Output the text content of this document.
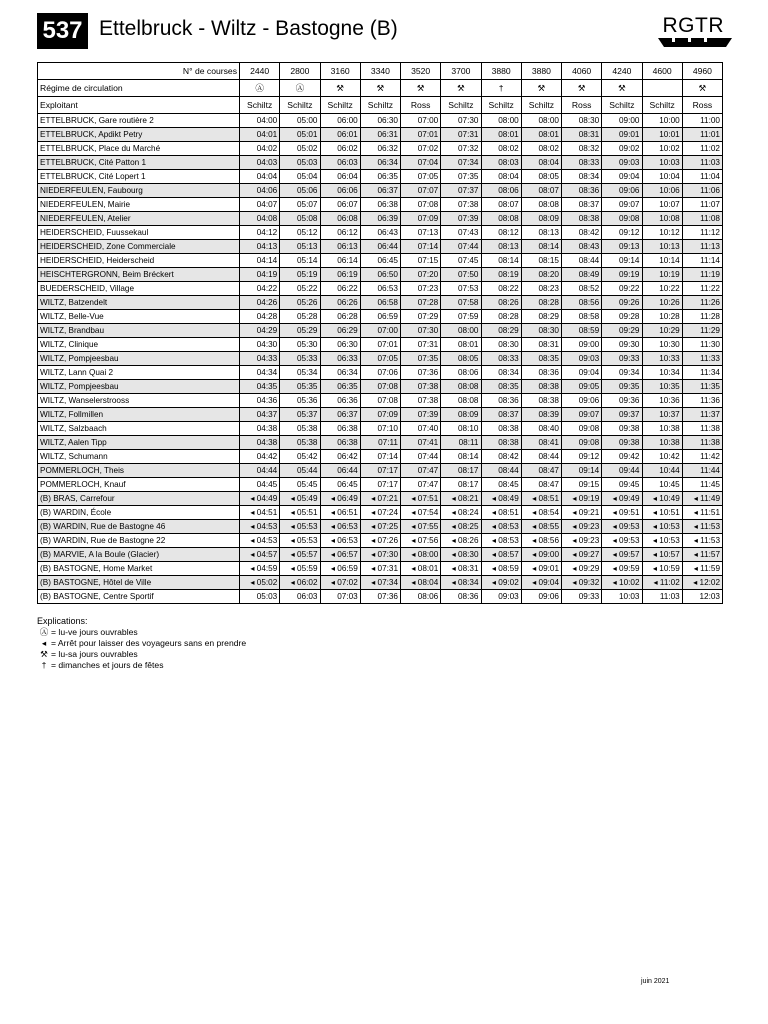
537 Ettelbruck - Wiltz - Bastogne (B)	RGTR
N° de courses	2440	2800	3160	3340	3520	3700	3880	3880	4060	4240	4600	4960
Régime de circulation	Ⓐ	Ⓐ	⚒	⚒	⚒	⚒	†	⚒	⚒	⚒		⚒
Exploitant	Schiltz	Schiltz	Schiltz	Schiltz	Ross	Schiltz	Schiltz	Schiltz	Ross	Schiltz	Schiltz	Ross
ETTELBRUCK, Gare routière 2	04:00	05:00	06:00	06:30	07:00	07:30	08:00	08:00	08:30	09:00	10:00	11:00
ETTELBRUCK, Apdikt Petry	04:01	05:01	06:01	06:31	07:01	07:31	08:01	08:01	08:31	09:01	10:01	11:01
ETTELBRUCK, Place du Marché	04:02	05:02	06:02	06:32	07:02	07:32	08:02	08:02	08:32	09:02	10:02	11:02
ETTELBRUCK, Cité Patton 1	04:03	05:03	06:03	06:34	07:04	07:34	08:03	08:04	08:33	09:03	10:03	11:03
ETTELBRUCK, Cité Lopert 1	04:04	05:04	06:04	06:35	07:05	07:35	08:04	08:05	08:34	09:04	10:04	11:04
NIEDERFEULEN, Faubourg	04:06	05:06	06:06	06:37	07:07	07:37	08:06	08:07	08:36	09:06	10:06	11:06
NIEDERFEULEN, Mairie	04:07	05:07	06:07	06:38	07:08	07:38	08:07	08:08	08:37	09:07	10:07	11:07
NIEDERFEULEN, Atelier	04:08	05:08	06:08	06:39	07:09	07:39	08:08	08:09	08:38	09:08	10:08	11:08
HEIDERSCHEID, Fuussekaul	04:12	05:12	06:12	06:43	07:13	07:43	08:12	08:13	08:42	09:12	10:12	11:12
HEIDERSCHEID, Zone Commerciale	04:13	05:13	06:13	06:44	07:14	07:44	08:13	08:14	08:43	09:13	10:13	11:13
HEIDERSCHEID, Heiderscheid	04:14	05:14	06:14	06:45	07:15	07:45	08:14	08:15	08:44	09:14	10:14	11:14
HEISCHTERGRONN, Beim Bréckert	04:19	05:19	06:19	06:50	07:20	07:50	08:19	08:20	08:49	09:19	10:19	11:19
BUEDERSCHEID, Village	04:22	05:22	06:22	06:53	07:23	07:53	08:22	08:23	08:52	09:22	10:22	11:22
WILTZ, Batzendelt	04:26	05:26	06:26	06:58	07:28	07:58	08:26	08:28	08:56	09:26	10:26	11:26
WILTZ, Belle-Vue	04:28	05:28	06:28	06:59	07:29	07:59	08:28	08:29	08:58	09:28	10:28	11:28
WILTZ, Brandbau	04:29	05:29	06:29	07:00	07:30	08:00	08:29	08:30	08:59	09:29	10:29	11:29
WILTZ, Clinique	04:30	05:30	06:30	07:01	07:31	08:01	08:30	08:31	09:00	09:30	10:30	11:30
WILTZ, Pompjeesbau	04:33	05:33	06:33	07:05	07:35	08:05	08:33	08:35	09:03	09:33	10:33	11:33
WILTZ, Lann Quai 2	04:34	05:34	06:34	07:06	07:36	08:06	08:34	08:36	09:04	09:34	10:34	11:34
WILTZ, Pompjeesbau	04:35	05:35	06:35	07:08	07:38	08:08	08:35	08:38	09:05	09:35	10:35	11:35
WILTZ, Wanselerstrooss	04:36	05:36	06:36	07:08	07:38	08:08	08:36	08:38	09:06	09:36	10:36	11:36
WILTZ, Follmillen	04:37	05:37	06:37	07:09	07:39	08:09	08:37	08:39	09:07	09:37	10:37	11:37
WILTZ, Salzbaach	04:38	05:38	06:38	07:10	07:40	08:10	08:38	08:40	09:08	09:38	10:38	11:38
WILTZ, Aalen Tipp	04:38	05:38	06:38	07:11	07:41	08:11	08:38	08:41	09:08	09:38	10:38	11:38
WILTZ, Schumann	04:42	05:42	06:42	07:14	07:44	08:14	08:42	08:44	09:12	09:42	10:42	11:42
POMMERLOCH, Theis	04:44	05:44	06:44	07:17	07:47	08:17	08:44	08:47	09:14	09:44	10:44	11:44
POMMERLOCH, Knauf	04:45	05:45	06:45	07:17	07:47	08:17	08:45	08:47	09:15	09:45	10:45	11:45
(B) BRAS, Carrefour	◂ 04:49	◂ 05:49	◂ 06:49	◂ 07:21	◂ 07:51	◂ 08:21	◂ 08:49	◂ 08:51	◂ 09:19	◂ 09:49	◂ 10:49	◂ 11:49
(B) WARDIN, École	◂ 04:51	◂ 05:51	◂ 06:51	◂ 07:24	◂ 07:54	◂ 08:24	◂ 08:51	◂ 08:54	◂ 09:21	◂ 09:51	◂ 10:51	◂ 11:51
(B) WARDIN, Rue de Bastogne 46	◂ 04:53	◂ 05:53	◂ 06:53	◂ 07:25	◂ 07:55	◂ 08:25	◂ 08:53	◂ 08:55	◂ 09:23	◂ 09:53	◂ 10:53	◂ 11:53
(B) WARDIN, Rue de Bastogne 22	◂ 04:53	◂ 05:53	◂ 06:53	◂ 07:26	◂ 07:56	◂ 08:26	◂ 08:53	◂ 08:56	◂ 09:23	◂ 09:53	◂ 10:53	◂ 11:53
(B) MARVIE, A la Boule (Glacier)	◂ 04:57	◂ 05:57	◂ 06:57	◂ 07:30	◂ 08:00	◂ 08:30	◂ 08:57	◂ 09:00	◂ 09:27	◂ 09:57	◂ 10:57	◂ 11:57
(B) BASTOGNE, Home Market	◂ 04:59	◂ 05:59	◂ 06:59	◂ 07:31	◂ 08:01	◂ 08:31	◂ 08:59	◂ 09:01	◂ 09:29	◂ 09:59	◂ 10:59	◂ 11:59
(B) BASTOGNE, Hôtel de Ville	◂ 05:02	◂ 06:02	◂ 07:02	◂ 07:34	◂ 08:04	◂ 08:34	◂ 09:02	◂ 09:04	◂ 09:32	◂ 10:02	◂ 11:02	◂ 12:02
(B) BASTOGNE, Centre Sportif	05:03	06:03	07:03	07:36	08:06	08:36	09:03	09:06	09:33	10:03	11:03	12:03
Explications:
Ⓐ = lu-ve jours ouvrables
◂ = Arrêt pour laisser des voyageurs sans en prendre
⚒ = lu-sa jours ouvrables
† = dimanches et jours de fêtes
juin 2021
